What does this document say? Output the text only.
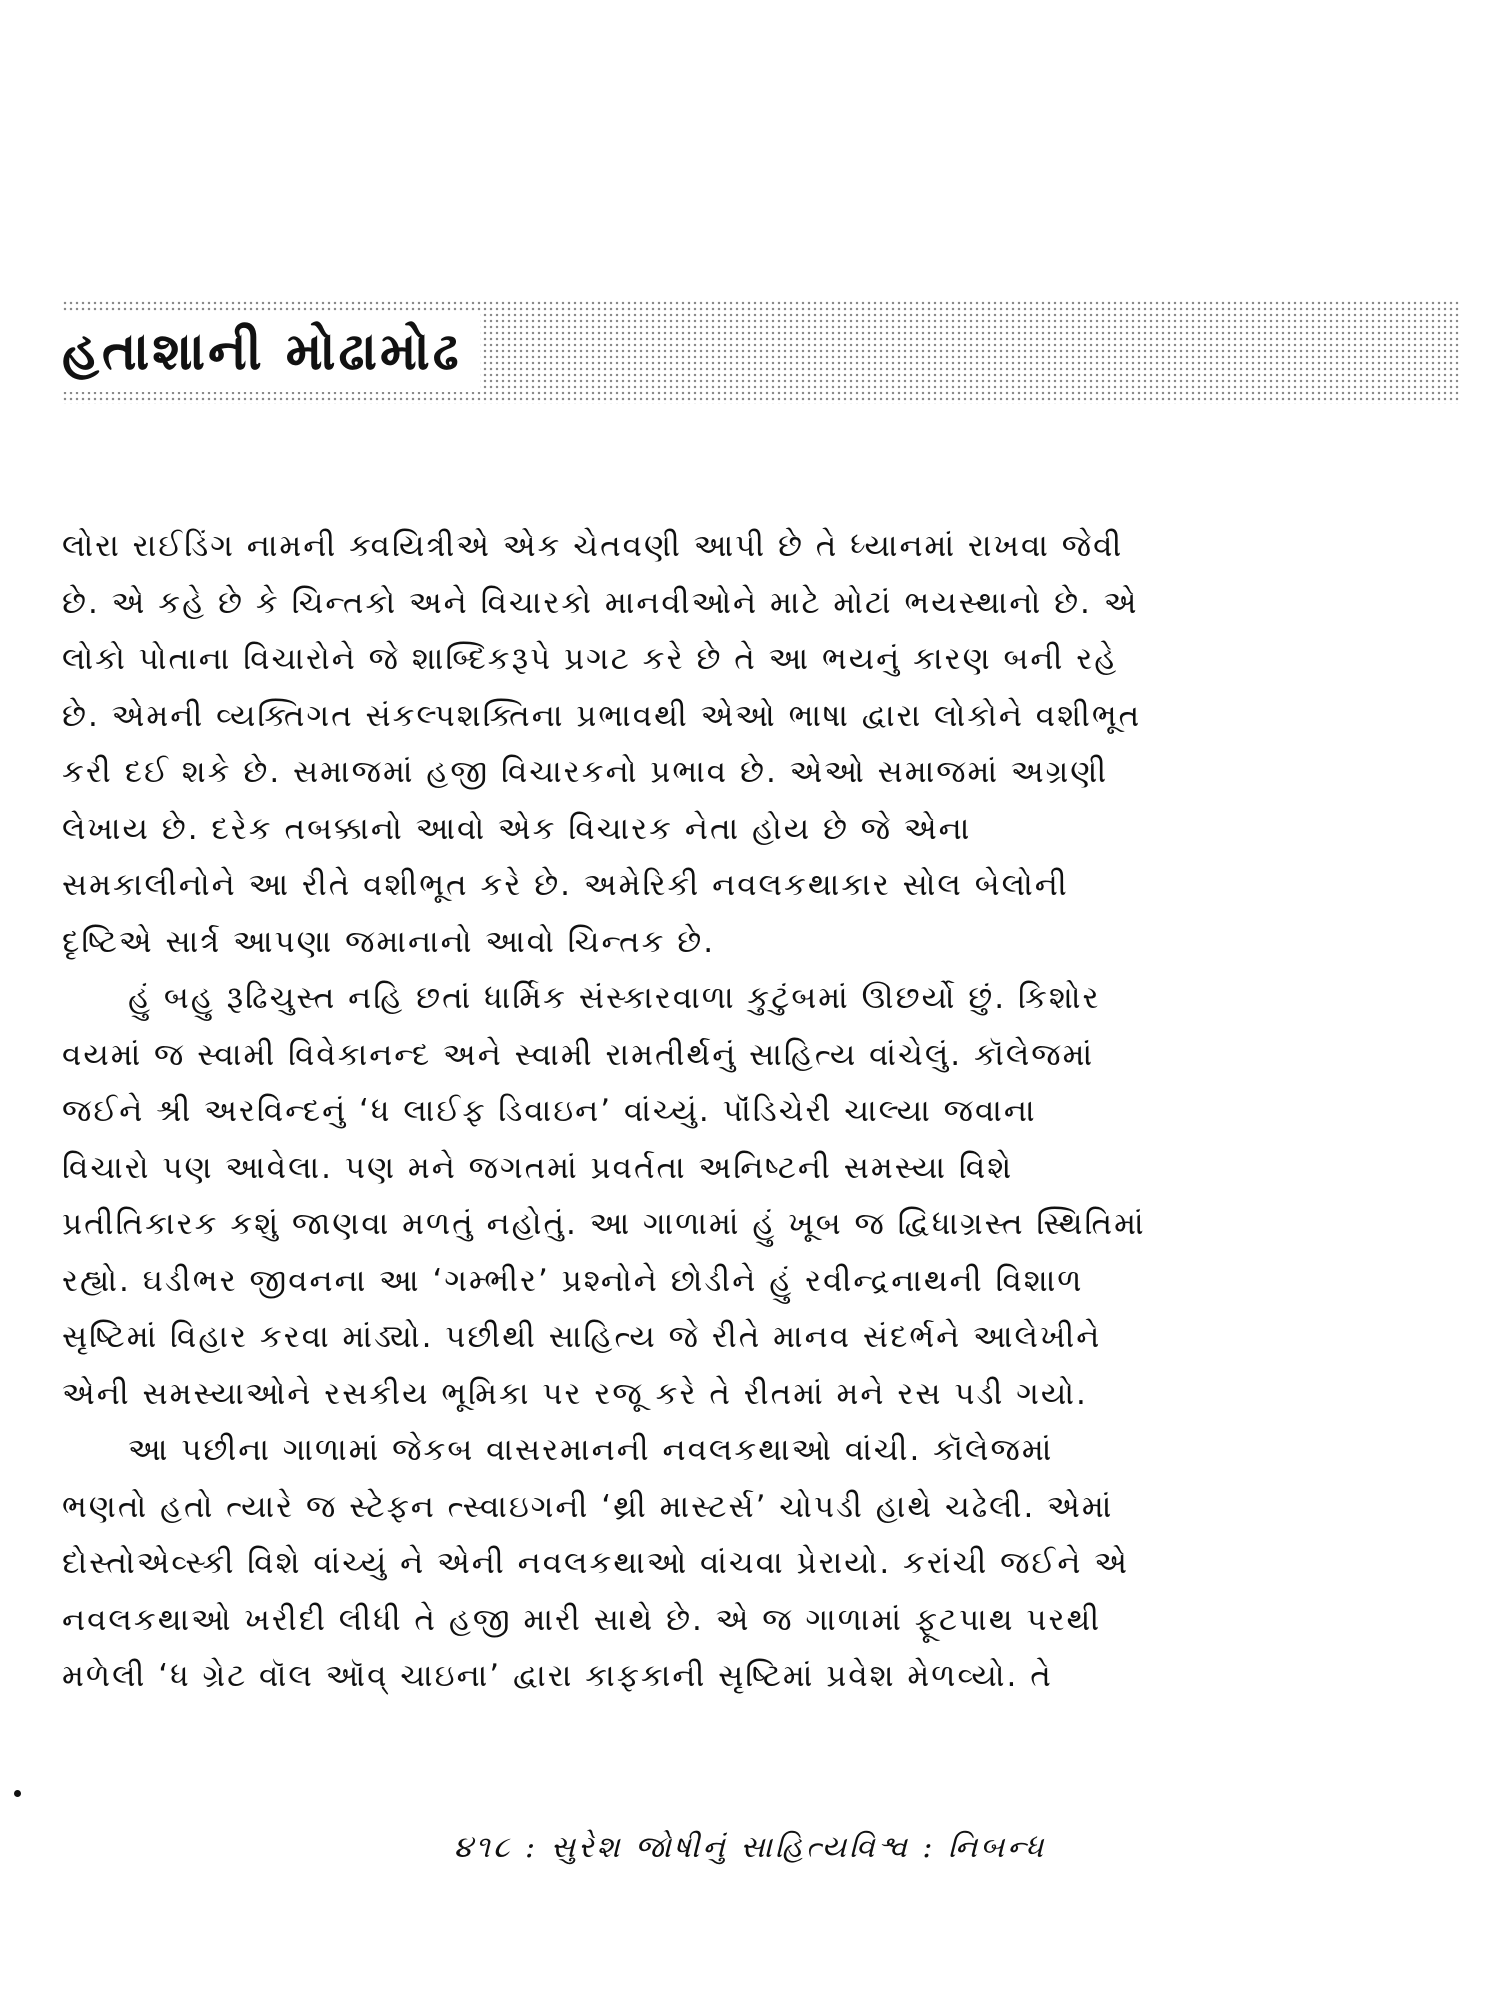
હતાશાની મોઢામોઢ

લોરા રાઈડિંગ નામની ક્વયિત્રીએ એક ચેતવણી આપી છે તે ધ્યાનમાં રાખવા જેવી
છે. એ કહે છે કે ચિન્તકો અને વિચારકો માનવીઓને માટે મોટાં ભયસ્થાનો છે. એ
લોકો પોતાના વિચારોને જે શાબ્દિકરૂપે પ્રગટ કરે છે તે આ ભયનું કારણ બની રહે
છે. એમની વ્યક્તિગત સંકલ્પશક્તિના પ્રભાવથી એઓ ભાષા દ્વારા લોકોને વશીભૂત
કરી દઈ શકે છે. સમાજમાં હજી વિચારકનો પ્રભાવ છે. એઓ સમાજમાં અગ્રણી
લેખાય છે. દરેક તબક્કાનો આવો એક વિચારક નેતા હોય છે જે એના
સમકાલીનોને આ રીતે વશીભૂત કરે છે. અમેરિકી નવલકથાકાર સોલ બેલોની
દૃષ્ટિએ સાર્ત્ર આપણા જમાનાનો આવો ચિન્તક છે.

હું બહુ રૂઢિચુસ્ત નહિ છતાં ધાર્મિક સંસ્કારવાળા કુટુંબમાં ઊછર્યો છું. કિશોર
વયમાં જ સ્વામી વિવેકાનન્દ અને સ્વામી રામતીર્થનું સાહિત્ય વાંચેલું. કૉલેજમાં
જઈને શ્રી અરવિન્દનું ‘ધ લાઈફ ડિવાઇન’ વાંચ્યું. પૉંડિચેરી ચાલ્યા જવાના
વિચારો પણ આવેલા. પણ મને જગતમાં પ્રવર્તતા અનિષ્ટની સમસ્યા વિશે
પ્રતીતિકારક કશું જાણવા મળતું નહોતું. આ ગાળામાં હું ખૂબ જ દ્વિધાગ્રસ્ત સ્થિતિમાં
રહ્યો. ઘડીભર જીવનના આ ‘ગમ્ભીર’ પ્રશ્નોને છોડીને હું રવીન્દ્રનાથની વિશાળ
સૃષ્ટિમાં વિહાર કરવા માંડ્યો. પછીથી સાહિત્ય જે રીતે માનવ સંદર્ભને આલેખીને
એની સમસ્યાઓને રસકીય ભૂમિકા પર રજૂ કરે તે રીતમાં મને રસ પડી ગયો.

આ પછીના ગાળામાં જેકબ વાસરમાનની નવલકથાઓ વાંચી. કૉલેજમાં
ભણતો હતો ત્યારે જ સ્ટેફન ત્સ્વાઇગની ‘થ્રી માસ્ટર્સ’ ચોપડી હાથે ચઢેલી. એમાં
દોસ્તોએવ્સ્કી વિશે વાંચ્યું ને એની નવલકથાઓ વાંચવા પ્રેરાયો. કરાંચી જઈને એ
નવલકથાઓ ખરીદી લીધી તે હજી મારી સાથે છે. એ જ ગાળામાં ફૂટપાથ પરથી
મળેલી ‘ધ ગ્રેટ વૉલ ઑવ્ ચાઇના’ દ્વારા કાફકાની સૃષ્ટિમાં પ્રવેશ મેળવ્યો. તે

૪૧૮ : સુરેશ જોષીનું સાહિત્યવિશ્વ : નિબન્ધ
